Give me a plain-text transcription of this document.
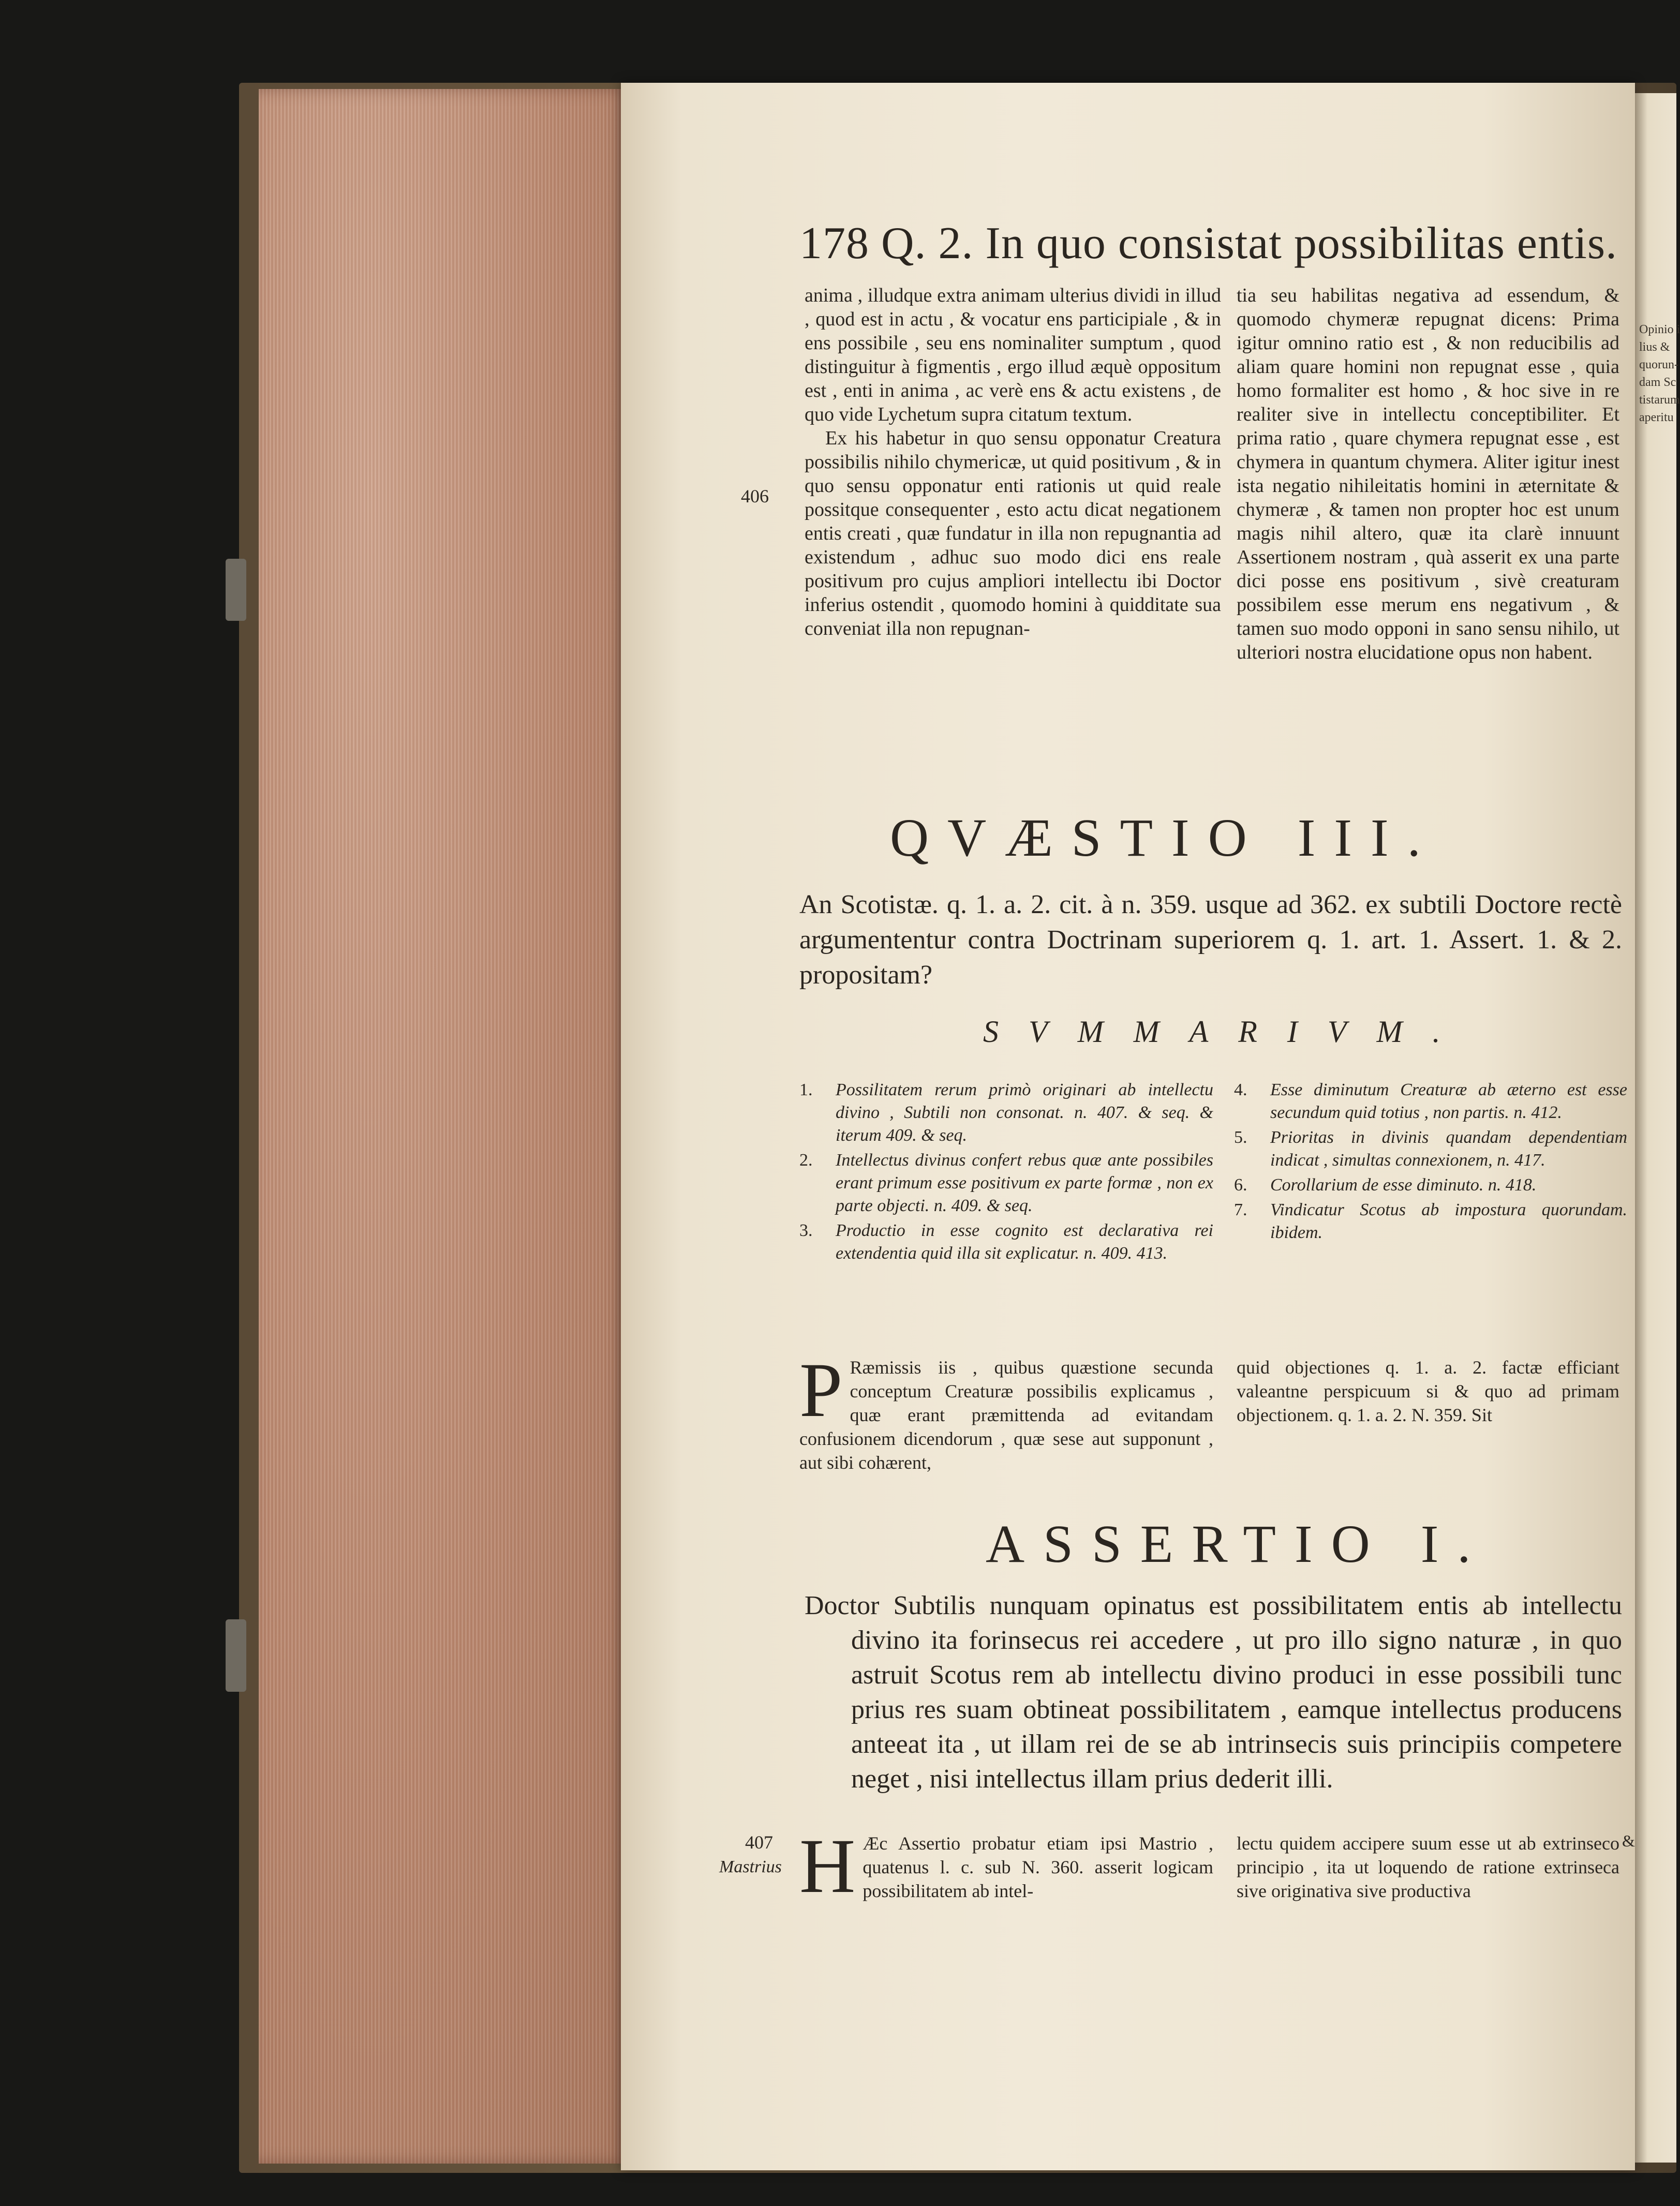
178 Q. 2. In quo consistat possibilitas entis.

anima , illudque extra animam ulterius dividi in illud , quod est in actu , & vocatur ens participiale , & in ens possibile , seu ens nominaliter sumptum , quod distinguitur à figmentis , ergo illud æquè oppositum est , enti in anima , ac verè ens & actu existens , de quo vide Lychetum supra citatum textum.

Ex his habetur in quo sensu opponatur Creatura possibilis nihilo chymericæ, ut quid positivum , & in quo sensu opponatur enti rationis ut quid reale possitque consequenter , esto actu dicat negationem entis creati , quæ fundatur in illa non repugnantia ad existendum , adhuc suo modo dici ens reale positivum pro cujus ampliori intellectu ibi Doctor inferius ostendit , quomodo homini à quidditate sua conveniat illa non repugnan-

tia seu habilitas negativa ad essendum, & quomodo chymeræ repugnat dicens: Prima igitur omnino ratio est , & non reducibilis ad aliam quare homini non repugnat esse , quia homo formaliter est homo , & hoc sive in re realiter sive in intellectu conceptibiliter. Et prima ratio , quare chymera repugnat esse , est chymera in quantum chymera. Aliter igitur inest ista negatio nihileitatis homini in æternitate & chymeræ , & tamen non propter hoc est unum magis nihil altero, quæ ita clarè innuunt Assertionem nostram , quà asserit ex una parte dici posse ens positivum , sivè creaturam possibilem esse merum ens negativum , & tamen suo modo opponi in sano sensu nihilo, ut ulteriori nostra elucidatione opus non habent.

406
Opinio i
lius &
quorun-
dam Sc
tistarum
aperitu
QVÆSTIO III.
An Scotistæ. q. 1. a. 2. cit. à n. 359. usque ad 362. ex subtili Doctore rectè argumententur contra Doctrinam superiorem q. 1. art. 1. Assert. 1. & 2. propositam?
SVMMARIVM.
1.	Possilitatem rerum primò originari ab intellectu divino , Subtili non consonat. n. 407. & seq. & iterum 409. & seq.
2.	Intellectus divinus confert rebus quæ ante possibiles erant primum esse positivum ex parte formæ , non ex parte objecti. n. 409. & seq.
3.	Productio in esse cognito est declarativa rei extendentia quid illa sit explicatur. n. 409. 413.
4.	Esse diminutum Creaturæ ab æterno est esse secundum quid totius , non partis. n. 412.
5.	Prioritas in divinis quandam dependentiam indicat , simultas connexionem, n. 417.
6.	Corollarium de esse diminuto. n. 418.
7.	Vindicatur Scotus ab impostura quorundam. ibidem.
P Ræmissis iis , quibus quæstione secunda conceptum Creaturæ possibilis explicamus , quæ erant præmittenda ad evitandam confusionem dicendorum , quæ sese aut supponunt , aut sibi cohærent,
quid objectiones q. 1. a. 2. factæ efficiant valeantne perspicuum si & quo ad primam objectionem. q. 1. a. 2. N. 359. Sit
ASSERTIO I.
Doctor Subtilis nunquam opinatus est possibilitatem entis ab intellectu divino ita forinsecus rei accedere , ut pro illo signo naturæ , in quo astruit Scotus rem ab intellectu divino produci in esse possibili tunc prius res suam obtineat possibilitatem , eamque intellectus producens anteeat ita , ut illam rei de se ab intrinsecis suis principiis competere neget , nisi intellectus illam prius dederit illi.
407
Mastrius H Æc Assertio probatur etiam ipsi Mastrio , quatenus l. c. sub N. 360. asserit logicam possibilitatem ab intel-
lectu quidem accipere suum esse ut ab extrinseco principio , ita ut loquendo de ratione extrinseca sive originativa sive productiva
&
